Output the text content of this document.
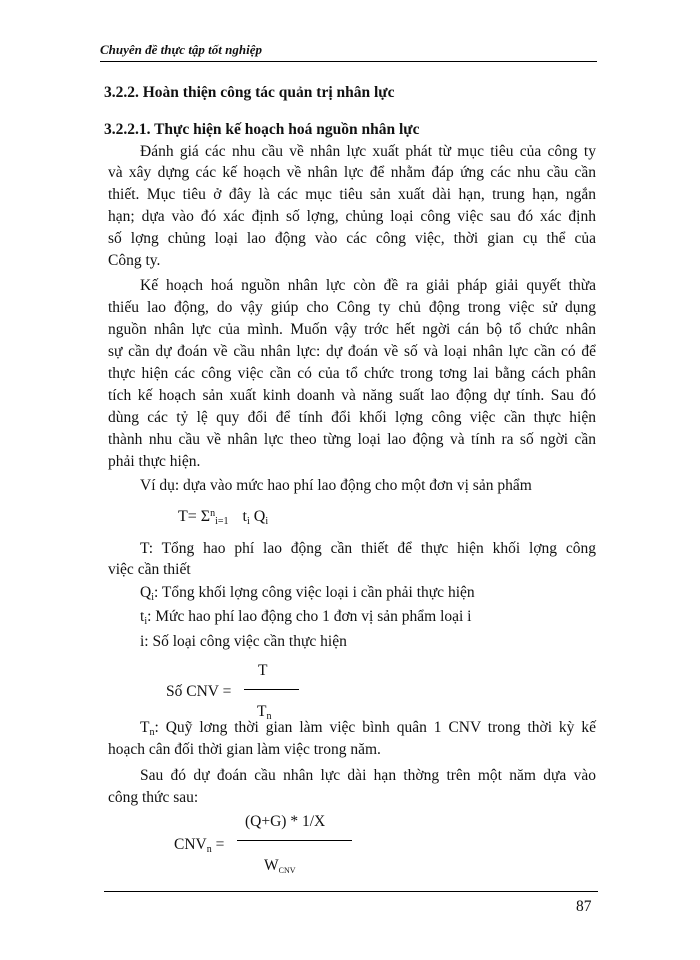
Chuyên đề thực tập tốt nghiệp
3.2.2. Hoàn thiện công tác quản trị nhân lực
3.2.2.1. Thực hiện kế hoạch hoá nguồn nhân lực
Đánh giá các nhu cầu về nhân lực xuất phát từ mục tiêu của công ty
và xây dựng các kế hoạch về nhân lực để nhằm đáp ứng các nhu cầu cần
thiết. Mục tiêu ở đây là các mục tiêu sản xuất dài hạn, trung hạn, ngắn
hạn; dựa vào đó xác định số lợng, chủng loại công việc sau đó xác định
số lợng chủng loại lao động vào các công việc, thời gian cụ thể của
Công ty.
Kế hoạch hoá nguồn nhân lực còn đề ra giải pháp giải quyết thừa
thiếu lao động, do vậy giúp cho Công ty chủ động trong việc sử dụng
nguồn nhân lực của mình. Muốn vậy trớc hết ngời cán bộ tổ chức nhân
sự cần dự đoán về cầu nhân lực: dự đoán về số và loại nhân lực cần có để
thực hiện các công việc cần có của tổ chức trong tơng lai bằng cách phân
tích kế hoạch sản xuất kinh doanh và năng suất lao động dự tính. Sau đó
dùng các tỷ lệ quy đổi để tính đổi khối lợng công việc cần thực hiện
thành nhu cầu về nhân lực theo từng loại lao động và tính ra số ngời cần
phải thực hiện.
Ví dụ: dựa vào mức hao phí lao động cho một đơn vị sản phẩm
$T= \Sigma^n_{i=1}$ $t_i$ $Q_i$
T: Tổng hao phí lao động cần thiết để thực hiện khối lợng công
việc cần thiết
$Q_i$: Tổng khối lợng công việc loại i cần phải thực hiện
$t_i$: Mức hao phí lao động cho 1 đơn vị sản phẩm loại i
i: Số loại công việc cần thực hiện
T
Số CNV =
$T_n$
$T_n$: Quỹ lơng thời gian làm việc bình quân 1 CNV trong thời kỳ kế
hoạch cân đối thời gian làm việc trong năm.
Sau đó dự đoán cầu nhân lực dài hạn thờng trên một năm dựa vào
công thức sau:
(Q+G) * 1/X
$CNV_n$ =
$W_{CNV}$
87
